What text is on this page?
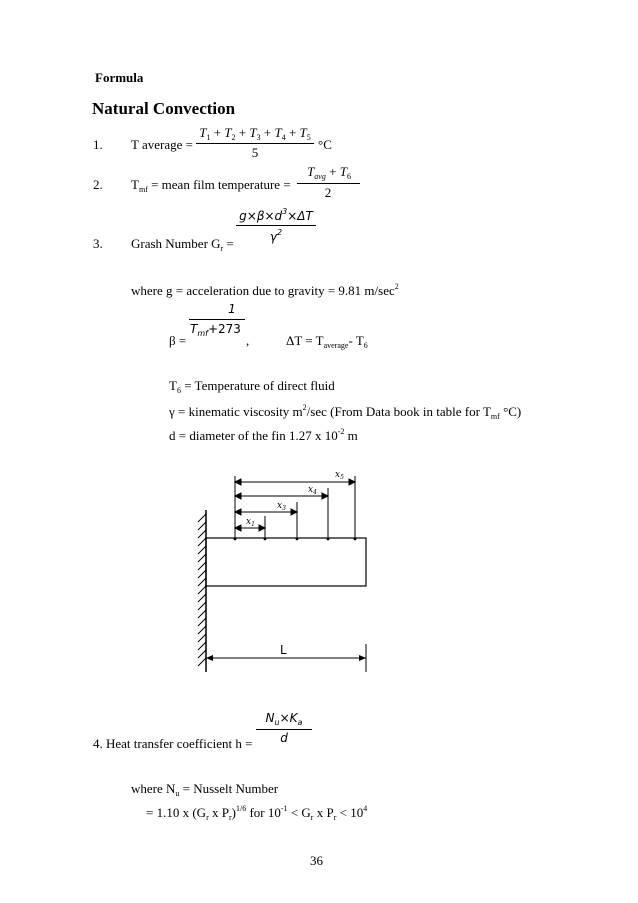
Formula
Natural Convection
1. T average =
$T_1 + T_2 + T_3 + T_4 + T_5$
5
°C
2. $T_{mf}$ = mean film temperature =
$T_{avg} + T_6$
2
3. Grash Number $G_r$ =
$g\times\beta\times d^3\times\Delta T$
$\gamma^2$
where g = acceleration due to gravity = 9.81 $m/\sec^2$
β =
1
$T_{mf}+273$
,	$\Delta T = T_{average}-$ $T_6$
$T_6$ = Temperature of direct fluid
γ = kinematic viscosity $m^2/\sec$ (From Data book in table for $T_{mf}$ °C)
d = diameter of the fin 1.27 x $10^{-2}$ m
$x_1$
$x_3$
$x_4$
$x_5$
L
$N_u\times K_a$
d
4. Heat transfer coefficient h =
where $N_u$ = Nusselt Number
= 1.10 x ($G_r$ x $P_r)^{1/6}$ for $10^{-1} < G_r$ x $P_r < 10^4$
36
